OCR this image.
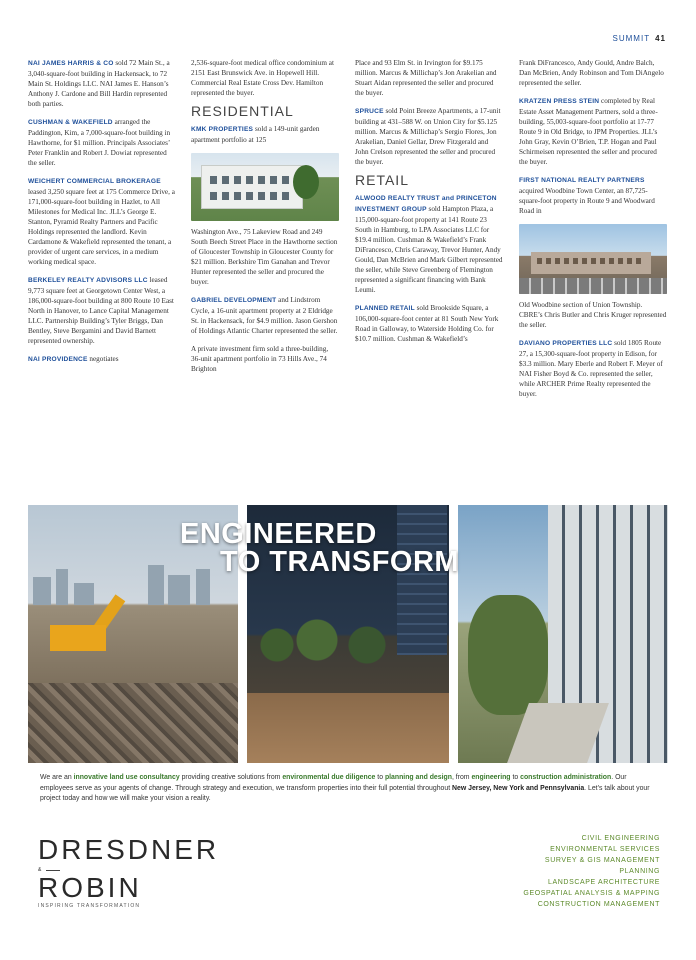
SUMMIT 41

NAI JAMES HARRIS & CO sold 72 Main St., a 3,040-square-foot building in Hackensack, to 72 Main St. Holdings LLC. NAI James E. Hanson’s Anthony J. Cardone and Bill Hardin represented both parties.

CUSHMAN & WAKEFIELD arranged the Paddington, Kim, a 7,000-square-foot building in Hawthorne, for $1 million. Principals Associates’ Peter Franklin and Robert J. Dowiat represented the seller.

WEICHERT COMMERCIAL BROKERAGE leased 3,250 square feet at 175 Commerce Drive, a 171,000-square-foot building in Hazlet, to All Milestones for Medical Inc. JLL’s George E. Stanton, Pyramid Realty Partners and Pacific Holdings represented the landlord. Kevin Cardamone & Wakefield represented the tenant, a provider of urgent care services, in a medium working medical space.

BERKELEY REALTY ADVISORS LLC leased 9,773 square feet at Georgetown Center West, a 186,000-square-foot building at 800 Route 10 East North in Hanover, to Lance Capital Management LLC. Partnership Building’s Tyler Briggs, Dan Bentley, Steve Bergamini and David Barnett represented ownership.

NAI PROVIDENCE negotiates

2,536-square-foot medical office condominium at 2151 East Brunswick Ave. in Hopewell Hill. Commercial Real Estate Cross Dev. Hamilton represented the buyer.

RESIDENTIAL

KMK PROPERTIES sold a 149-unit garden apartment portfolio at 125

Washington Ave., 75 Lakeview Road and 249 South Beech Street Place in the Hawthorne section of Gloucester Township in Gloucester County for $21 million. Berkshire Tim Ganahan and Trevor Hunter represented the seller and procured the buyer.

GABRIEL DEVELOPMENT and Lindstrom Cycle, a 16-unit apartment property at 2 Eldridge St. in Hackensack, for $4.9 million. Jason Gershon of Holdings Atlantic Charter represented the seller.

A private investment firm sold a three-building, 36-unit apartment portfolio in 73 Hills Ave., 74 Brighton

Place and 93 Elm St. in Irvington for $9.175 million. Marcus & Millichap’s Jon Arakelian and Stuart Aidan represented the seller and procured the buyer.

SPRUCE sold Point Breeze Apartments, a 17-unit building at 431–588 W. on Union City for $5.125 million. Marcus & Millichap’s Sergio Flores, Jon Arakelian, Daniel Gellar, Drew Fitzgerald and John Crelson represented the seller and procured the buyer.

RETAIL

ALWOOD REALTY TRUST and PRINCETON INVESTMENT GROUP sold Hampton Plaza, a 115,000-square-foot property at 141 Route 23 South in Hamburg, to LPA Associates LLC for $19.4 million. Cushman & Wakefield’s Frank DiFrancesco, Chris Caraway, Trevor Hunter, Andy Gould, Dan McBrien and Mark Gilbert represented the seller, while Steve Greenberg of Flemington represented a significant financing with Bank Leumi.

PLANNED RETAIL sold Brookside Square, a 106,000-square-foot center at 81 South New York Road in Galloway, to Waterside Holding Co. for $10.7 million. Cushman & Wakefield’s

Frank DiFrancesco, Andy Gould, Andre Balch, Dan McBrien, Andy Robinson and Tom DiAngelo represented the seller.

KRATZEN PRESS STEIN completed by Real Estate Asset Management Partners, sold a three-building, 55,003-square-foot portfolio at 17-77 Route 9 in Old Bridge, to JPM Properties. JLL’s John Gray, Kevin O’Brien, T.P. Hogan and Paul Schirmeisen represented the seller and procured the buyer.

FIRST NATIONAL REALTY PARTNERS acquired Woodbine Town Center, an 87,725-square-foot property in Route 9 and Woodward Road in

Old Woodbine section of Union Township. CBRE’s Chris Butler and Chris Kruger represented the seller.

DAVIANO PROPERTIES LLC sold 1805 Route 27, a 15,300-square-foot property in Edison, for $3.3 million. Mary Eberle and Robert F. Meyer of NAI Fisher Boyd & Co. represented the seller, while ARCHER Prime Realty represented the buyer.

ENGINEERED
TO TRANSFORM
We are an innovative land use consultancy providing creative solutions from environmental due diligence to planning and design, from engineering to construction administration. Our employees serve as your agents of change. Through strategy and execution, we transform properties into their full potential throughout New Jersey, New York and Pennsylvania. Let’s talk about your project today and how we will make your vision a reality.
DRESDNER
&
ROBIN
INSPIRING TRANSFORMATION
CIVIL ENGINEERING
ENVIRONMENTAL SERVICES
SURVEY & GIS MANAGEMENT
PLANNING
LANDSCAPE ARCHITECTURE
GEOSPATIAL ANALYSIS & MAPPING
CONSTRUCTION MANAGEMENT
